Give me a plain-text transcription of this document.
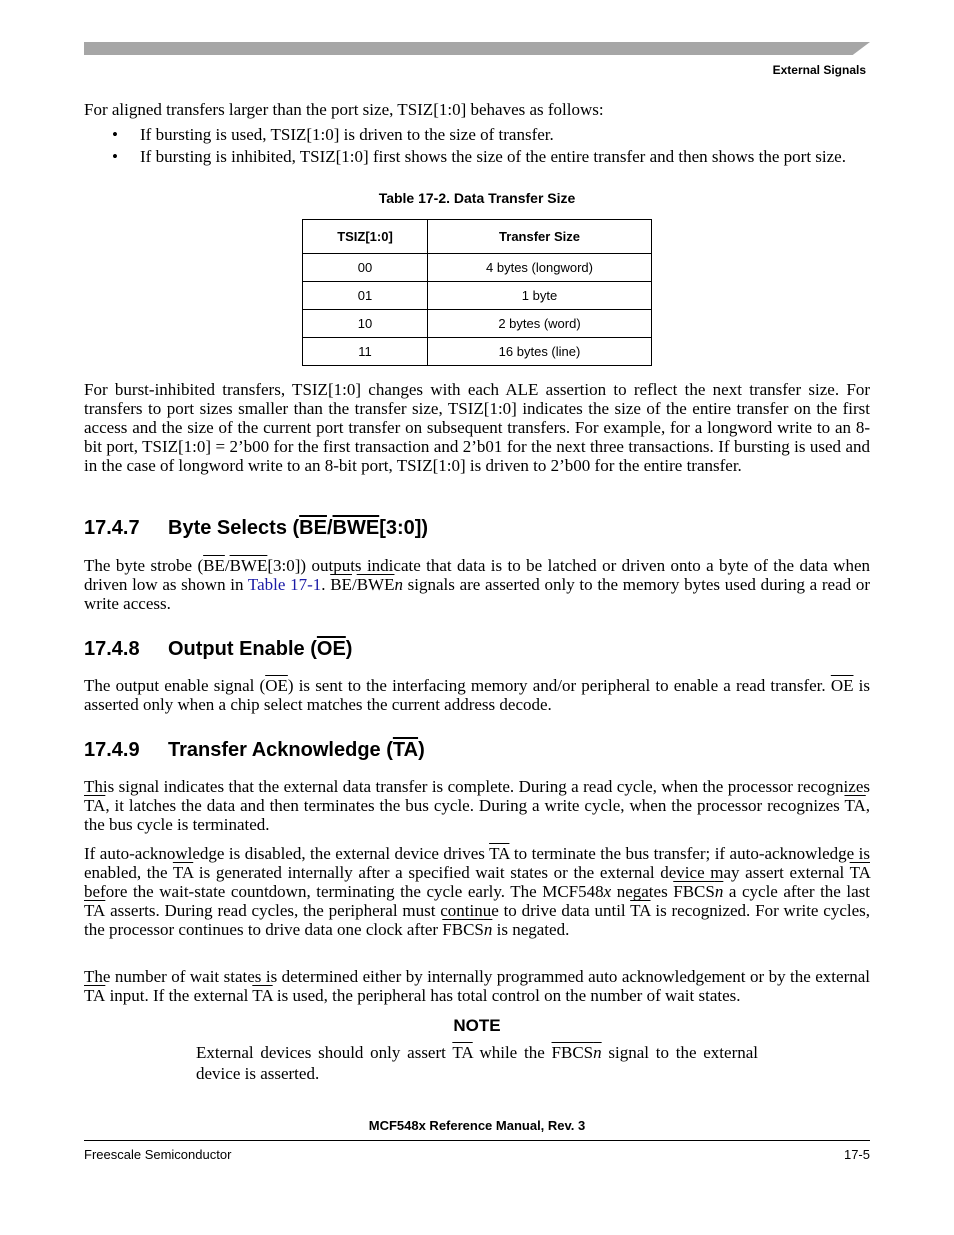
External Signals
For aligned transfers larger than the port size, TSIZ[1:0] behaves as follows:
• If bursting is used, TSIZ[1:0] is driven to the size of transfer.
• If bursting is inhibited, TSIZ[1:0] first shows the size of the entire transfer and then shows the port size.
Table 17-2. Data Transfer Size
TSIZ[1:0]	Transfer Size
00	4 bytes (longword)
01	1 byte
10	2 bytes (word)
11	16 bytes (line)
For burst-inhibited transfers, TSIZ[1:0] changes with each ALE assertion to reflect the next transfer size. For transfers to port sizes smaller than the transfer size, TSIZ[1:0] indicates the size of the entire transfer on the first access and the size of the current port transfer on subsequent transfers. For example, for a longword write to an 8-bit port, TSIZ[1:0] = 2’b00 for the first transaction and 2’b01 for the next three transactions. If bursting is used and in the case of longword write to an 8-bit port, TSIZ[1:0] is driven to 2’b00 for the entire transfer.
17.4.7 Byte Selects $(\overline{BE}/\overline{BWE}[3:0])$
The byte strobe $(\overline{BE}/\overline{BWE}[3:0])$ outputs indicate that data is to be latched or driven onto a byte of the data when driven low as shown in Table 17-1. $\overline{BE}/\overline{BWE}n$ signals are asserted only to the memory bytes used during a read or write access.
17.4.8 Output Enable $(\overline{OE})$
The output enable signal $(\overline{OE})$ is sent to the interfacing memory and/or peripheral to enable a read transfer. $\overline{OE}$ is asserted only when a chip select matches the current address decode.
17.4.9 Transfer Acknowledge $(\overline{TA})$
This signal indicates that the external data transfer is complete. During a read cycle, when the processor recognizes $\overline{TA}$, it latches the data and then terminates the bus cycle. During a write cycle, when the processor recognizes $\overline{TA}$, the bus cycle is terminated.
If auto-acknowledge is disabled, the external device drives $\overline{TA}$ to terminate the bus transfer; if auto-acknowledge is enabled, the $\overline{TA}$ is generated internally after a specified wait states or the external device may assert external $\overline{TA}$ before the wait-state countdown, terminating the cycle early. The MCF548x negates FBCSn a cycle after the last $\overline{TA}$ asserts. During read cycles, the peripheral must continue to drive data until $\overline{TA}$ is recognized. For write cycles, the processor continues to drive data one clock after FBCSn is negated.
The number of wait states is determined either by internally programmed auto acknowledgement or by the external $\overline{TA}$ input. If the external $\overline{TA}$ is used, the peripheral has total control on the number of wait states.
NOTE
External devices should only assert $\overline{TA}$ while the FBCSn signal to the external device is asserted.
MCF548x Reference Manual, Rev. 3
Freescale Semiconductor	17-5
